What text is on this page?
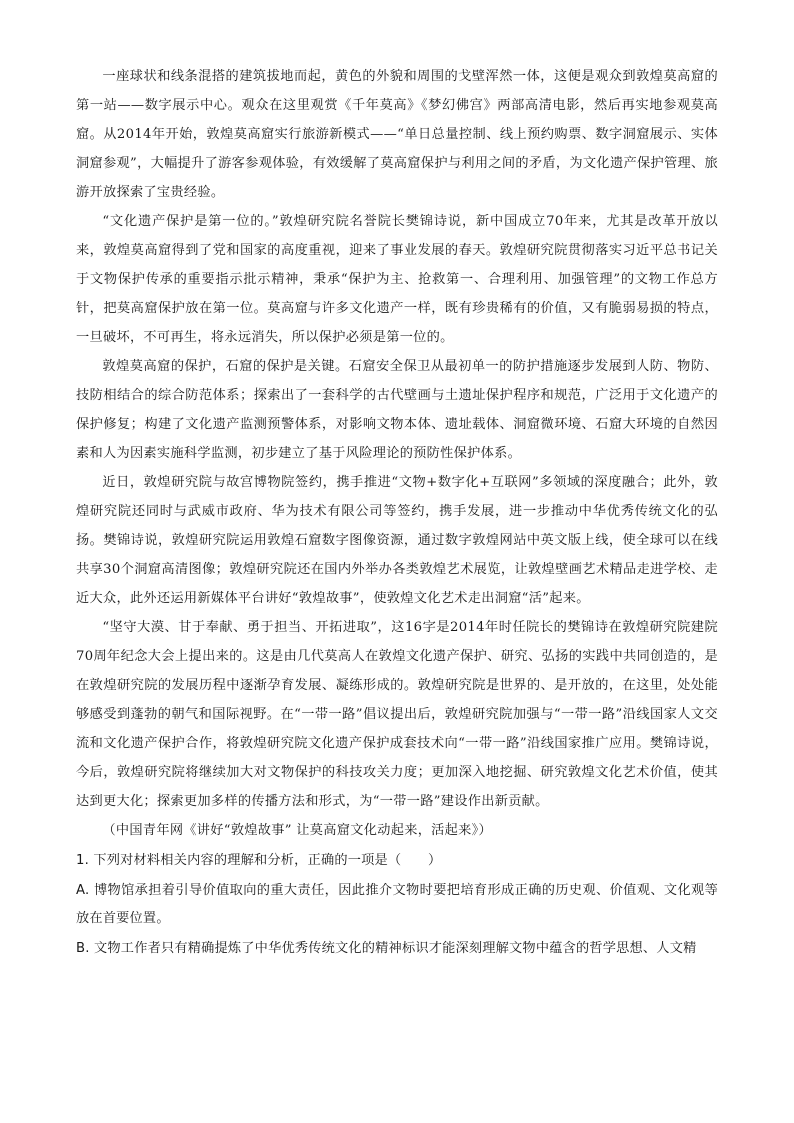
一座球状和线条混搭的建筑拔地而起，黄色的外貌和周围的戈壁浑然一体，这便是观众到敦煌莫高窟的第一站——数字展示中心。观众在这里观赏《千年莫高》《梦幻佛宫》两部高清电影，然后再实地参观莫高窟。从2014年开始，敦煌莫高窟实行旅游新模式——“单日总量控制、线上预约购票、数字洞窟展示、实体洞窟参观”，大幅提升了游客参观体验，有效缓解了莫高窟保护与利用之间的矛盾，为文化遗产保护管理、旅游开放探索了宝贵经验。

“文化遗产保护是第一位的。”敦煌研究院名誉院长樊锦诗说，新中国成立70年来，尤其是改革开放以来，敦煌莫高窟得到了党和国家的高度重视，迎来了事业发展的春天。敦煌研究院贯彻落实习近平总书记关于文物保护传承的重要指示批示精神，秉承“保护为主、抢救第一、合理利用、加强管理”的文物工作总方针，把莫高窟保护放在第一位。莫高窟与许多文化遗产一样，既有珍贵稀有的价值，又有脆弱易损的特点，一旦破坏，不可再生，将永远消失，所以保护必须是第一位的。

敦煌莫高窟的保护，石窟的保护是关键。石窟安全保卫从最初单一的防护措施逐步发展到人防、物防、技防相结合的综合防范体系；探索出了一套科学的古代壁画与土遗址保护程序和规范，广泛用于文化遗产的保护修复；构建了文化遗产监测预警体系，对影响文物本体、遗址载体、洞窟微环境、石窟大环境的自然因素和人为因素实施科学监测，初步建立了基于风险理论的预防性保护体系。

近日，敦煌研究院与故宫博物院签约，携手推进“文物+数字化+互联网”多领域的深度融合；此外，敦煌研究院还同时与武威市政府、华为技术有限公司等签约，携手发展，进一步推动中华优秀传统文化的弘扬。樊锦诗说，敦煌研究院运用敦煌石窟数字图像资源，通过数字敦煌网站中英文版上线，使全球可以在线共享30个洞窟高清图像；敦煌研究院还在国内外举办各类敦煌艺术展览，让敦煌壁画艺术精品走进学校、走近大众，此外还运用新媒体平台讲好“敦煌故事”，使敦煌文化艺术走出洞窟“活”起来。

“坚守大漠、甘于奉献、勇于担当、开拓进取”，这16字是2014年时任院长的樊锦诗在敦煌研究院建院70周年纪念大会上提出来的。这是由几代莫高人在敦煌文化遗产保护、研究、弘扬的实践中共同创造的，是在敦煌研究院的发展历程中逐渐孕育发展、凝练形成的。敦煌研究院是世界的、是开放的，在这里，处处能够感受到蓬勃的朝气和国际视野。在“一带一路”倡议提出后，敦煌研究院加强与“一带一路”沿线国家人文交流和文化遗产保护合作，将敦煌研究院文化遗产保护成套技术向“一带一路”沿线国家推广应用。樊锦诗说，今后，敦煌研究院将继续加大对文物保护的科技攻关力度；更加深入地挖掘、研究敦煌文化艺术价值，使其达到更大化；探索更加多样的传播方法和形式，为“一带一路”建设作出新贡献。

（中国青年网《讲好“敦煌故事” 让莫高窟文化动起来，活起来》）

1. 下列对材料相关内容的理解和分析，正确的一项是（　　）

A. 博物馆承担着引导价值取向的重大责任，因此推介文物时要把培育形成正确的历史观、价值观、文化观等放在首要位置。

B. 文物工作者只有精确提炼了中华优秀传统文化的精神标识才能深刻理解文物中蕴含的哲学思想、人文精
